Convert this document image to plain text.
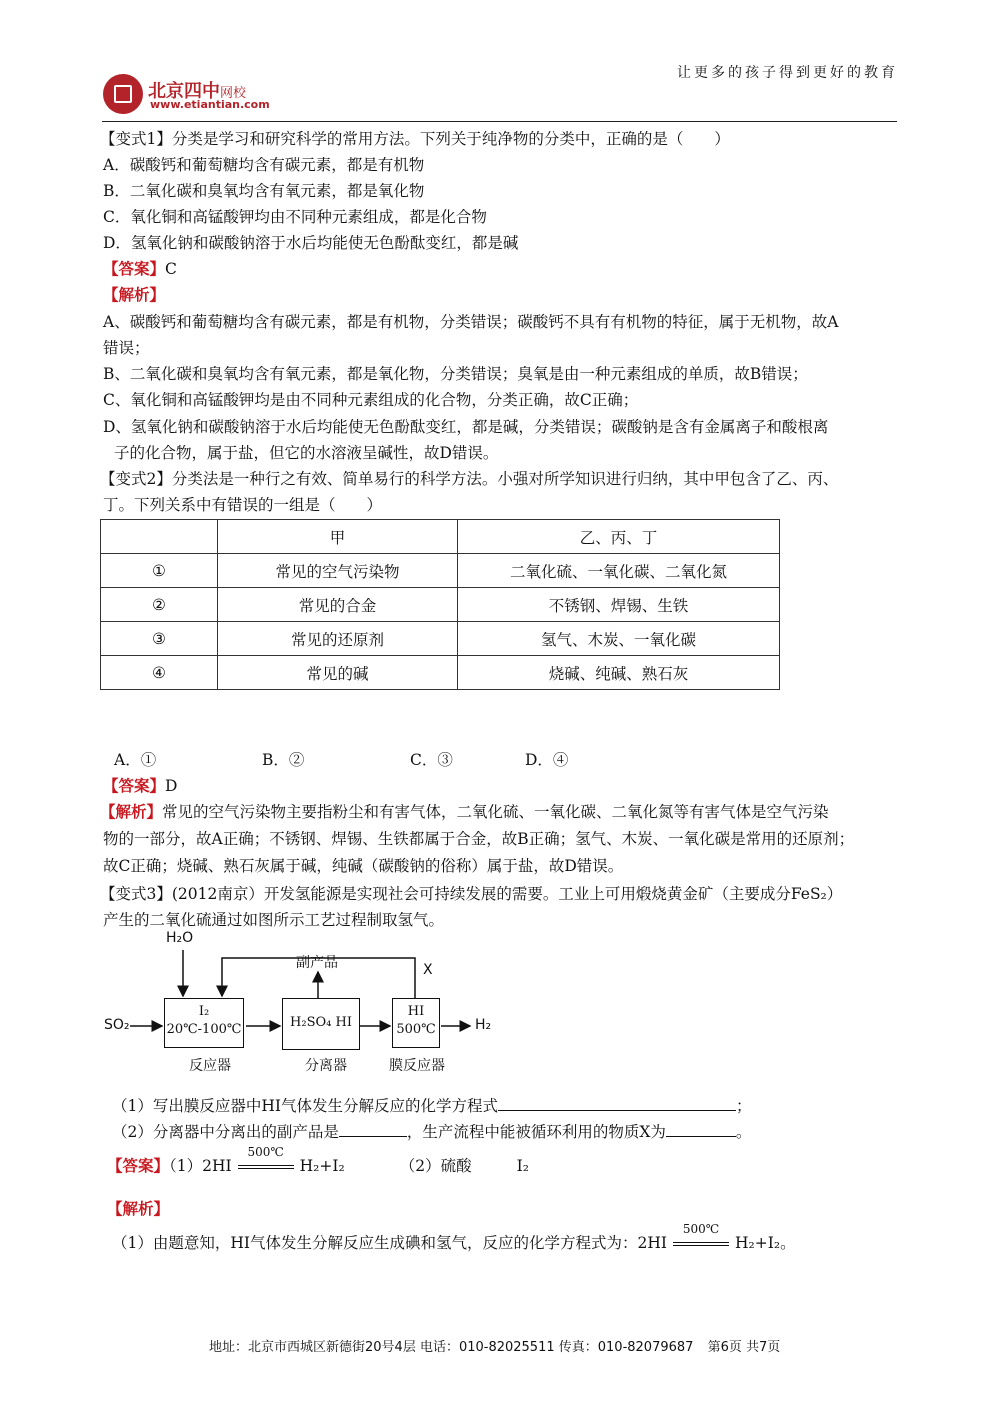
让更多的孩子得到更好的教育
北京四中网校
www.etiantian.com
【变式1】分类是学习和研究科学的常用方法。下列关于纯净物的分类中，正确的是（　　）
A．碳酸钙和葡萄糖均含有碳元素，都是有机物
B．二氧化碳和臭氧均含有氧元素，都是氧化物
C．氧化铜和高锰酸钾均由不同种元素组成，都是化合物
D．氢氧化钠和碳酸钠溶于水后均能使无色酚酞变红，都是碱
【答案】C
【解析】
A、碳酸钙和葡萄糖均含有碳元素，都是有机物，分类错误；碳酸钙不具有有机物的特征，属于无机物，故A
错误；
B、二氧化碳和臭氧均含有氧元素，都是氧化物，分类错误；臭氧是由一种元素组成的单质，故B错误；
C、氧化铜和高锰酸钾均是由不同种元素组成的化合物，分类正确，故C正确；
D、氢氧化钠和碳酸钠溶于水后均能使无色酚酞变红，都是碱，分类错误；碳酸钠是含有金属离子和酸根离
子的化合物，属于盐，但它的水溶液呈碱性，故D错误。
【变式2】分类法是一种行之有效、简单易行的科学方法。小强对所学知识进行归纳，其中甲包含了乙、丙、
丁。下列关系中有错误的一组是（　　）
	甲	乙、丙、丁
①	常见的空气污染物	二氧化硫、一氧化碳、二氧化氮
②	常见的合金	不锈钢、焊锡、生铁
③	常见的还原剂	氢气、木炭、一氧化碳
④	常见的碱	烧碱、纯碱、熟石灰
A．①	B．②	C．③	D．④
【答案】D
【解析】常见的空气污染物主要指粉尘和有害气体，二氧化硫、一氧化碳、二氧化氮等有害气体是空气污染
物的一部分，故A正确；不锈钢、焊锡、生铁都属于合金，故B正确；氢气、木炭、一氧化碳是常用的还原剂；
故C正确；烧碱、熟石灰属于碱，纯碱（碳酸钠的俗称）属于盐，故D错误。
【变式3】(2012南京）开发氢能源是实现社会可持续发展的需要。工业上可用煅烧黄金矿（主要成分FeS₂）
产生的二氧化硫通过如图所示工艺过程制取氢气。
H₂O
副产品	X
SO₂	H₂
I₂
20℃-100℃	H₂SO₄ HI
HI
500℃
反应器	分离器	膜反应器
（1）写出膜反应器中HI气体发生分解反应的化学方程式	；
（2）分离器中分离出的副产品是	，生产流程中能被循环利用的物质X为	。
【答案】（1）2HI
500℃
H₂+I₂	（2）硫酸	I₂
【解析】
（1）由题意知，HI气体发生分解反应生成碘和氢气，反应的化学方程式为：2HI
500℃
H₂+I₂。
地址：北京市西城区新德街20号4层 电话：010-82025511 传真：010-82079687 第6页 共7页
